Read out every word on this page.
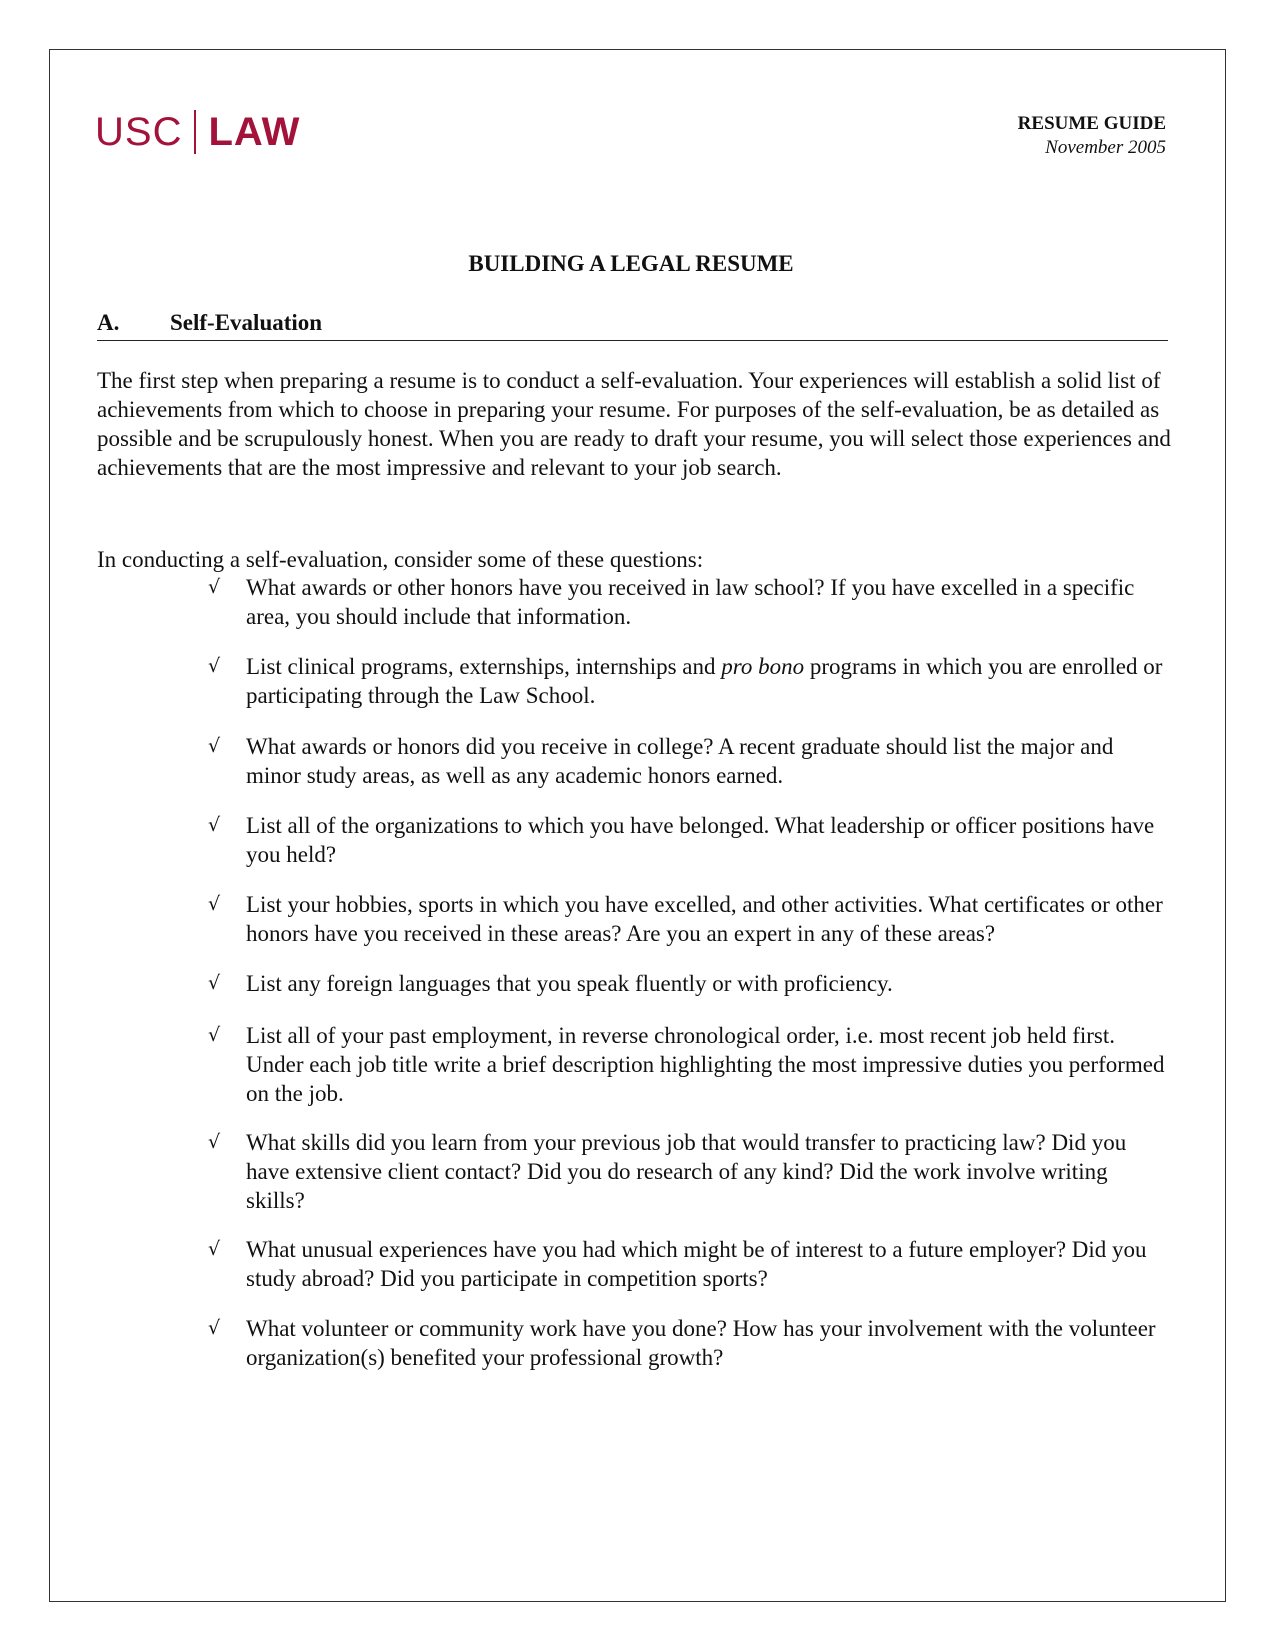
USC LAW	RESUME GUIDE
November 2005
BUILDING A LEGAL RESUME
A. Self-Evaluation
The first step when preparing a resume is to conduct a self-evaluation. Your experiences will establish a solid list of achievements from which to choose in preparing your resume. For purposes of the self-evaluation, be as detailed as possible and be scrupulously honest. When you are ready to draft your resume, you will select those experiences and achievements that are the most impressive and relevant to your job search.
In conducting a self-evaluation, consider some of these questions:
√	What awards or other honors have you received in law school? If you have excelled in a specific area, you should include that information.
√	List clinical programs, externships, internships and pro bono programs in which you are enrolled or participating through the Law School.
√	What awards or honors did you receive in college? A recent graduate should list the major and minor study areas, as well as any academic honors earned.
√	List all of the organizations to which you have belonged. What leadership or officer positions have you held?
√	List your hobbies, sports in which you have excelled, and other activities. What certificates or other honors have you received in these areas? Are you an expert in any of these areas?
√	List any foreign languages that you speak fluently or with proficiency.
√	List all of your past employment, in reverse chronological order, i.e. most recent job held first. Under each job title write a brief description highlighting the most impressive duties you performed on the job.
√	What skills did you learn from your previous job that would transfer to practicing law? Did you have extensive client contact? Did you do research of any kind? Did the work involve writing skills?
√	What unusual experiences have you had which might be of interest to a future employer? Did you study abroad? Did you participate in competition sports?
√	What volunteer or community work have you done? How has your involvement with the volunteer organization(s) benefited your professional growth?
